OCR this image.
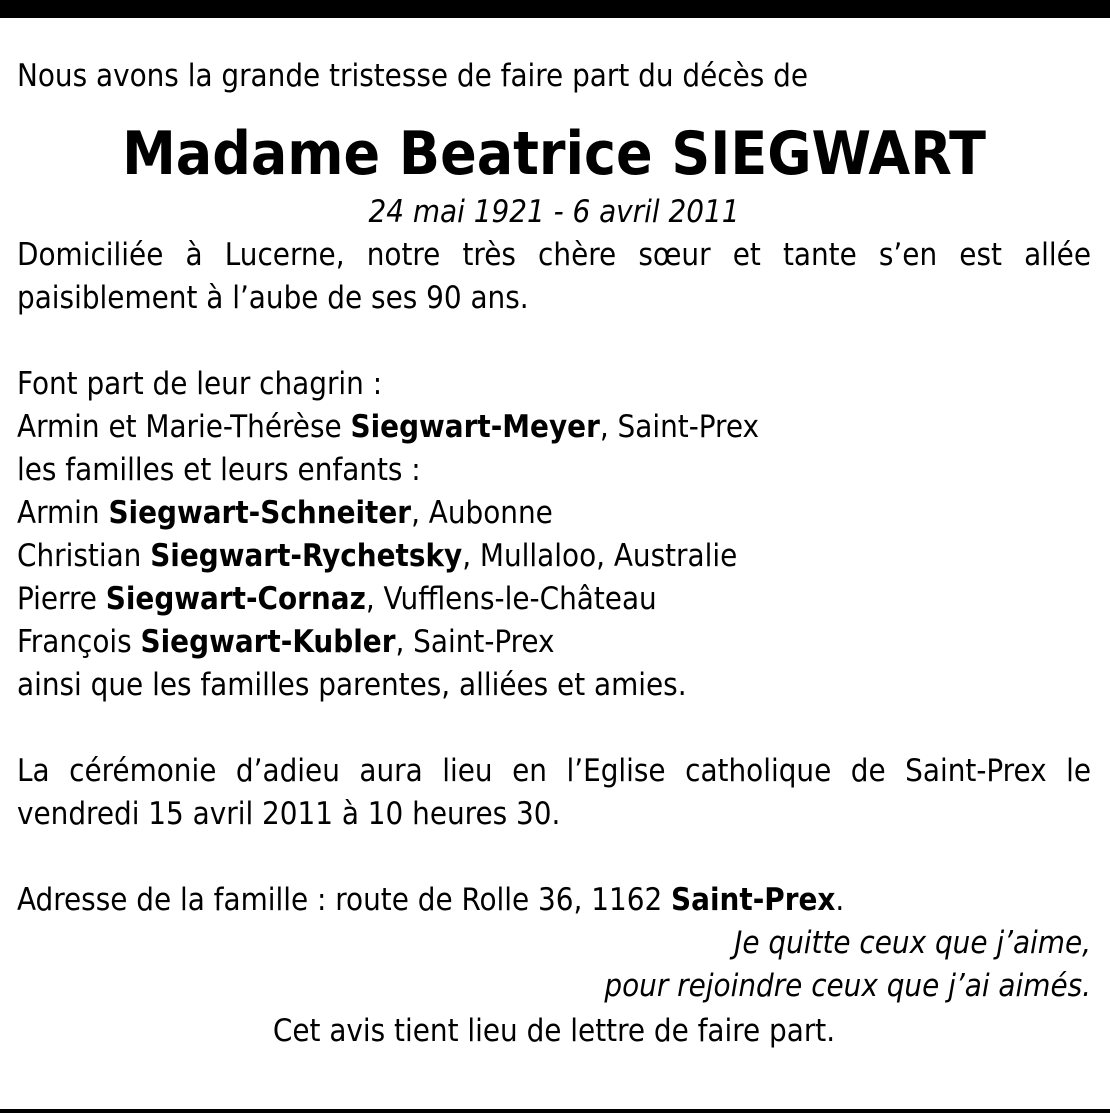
Nous avons la grande tristesse de faire part du décès de

Madame Beatrice SIEGWART
24 mai 1921 - 6 avril 2011
Domiciliée à Lucerne, notre très chère sœur et tante s’en est allée
paisiblement à l’aube de ses 90 ans.

Font part de leur chagrin :

Armin et Marie-Thérèse Siegwart-Meyer, Saint-Prex

les familles et leurs enfants :

Armin Siegwart-Schneiter, Aubonne

Christian Siegwart-Rychetsky, Mullaloo, Australie

Pierre Siegwart-Cornaz, Vufflens-le-Château

François Siegwart-Kubler, Saint-Prex

ainsi que les familles parentes, alliées et amies.

La cérémonie d’adieu aura lieu en l’Eglise catholique de Saint-Prex le
vendredi 15 avril 2011 à 10 heures 30.

Adresse de la famille : route de Rolle 36, 1162 Saint-Prex.

Je quitte ceux que j’aime,
pour rejoindre ceux que j’ai aimés.
Cet avis tient lieu de lettre de faire part.
